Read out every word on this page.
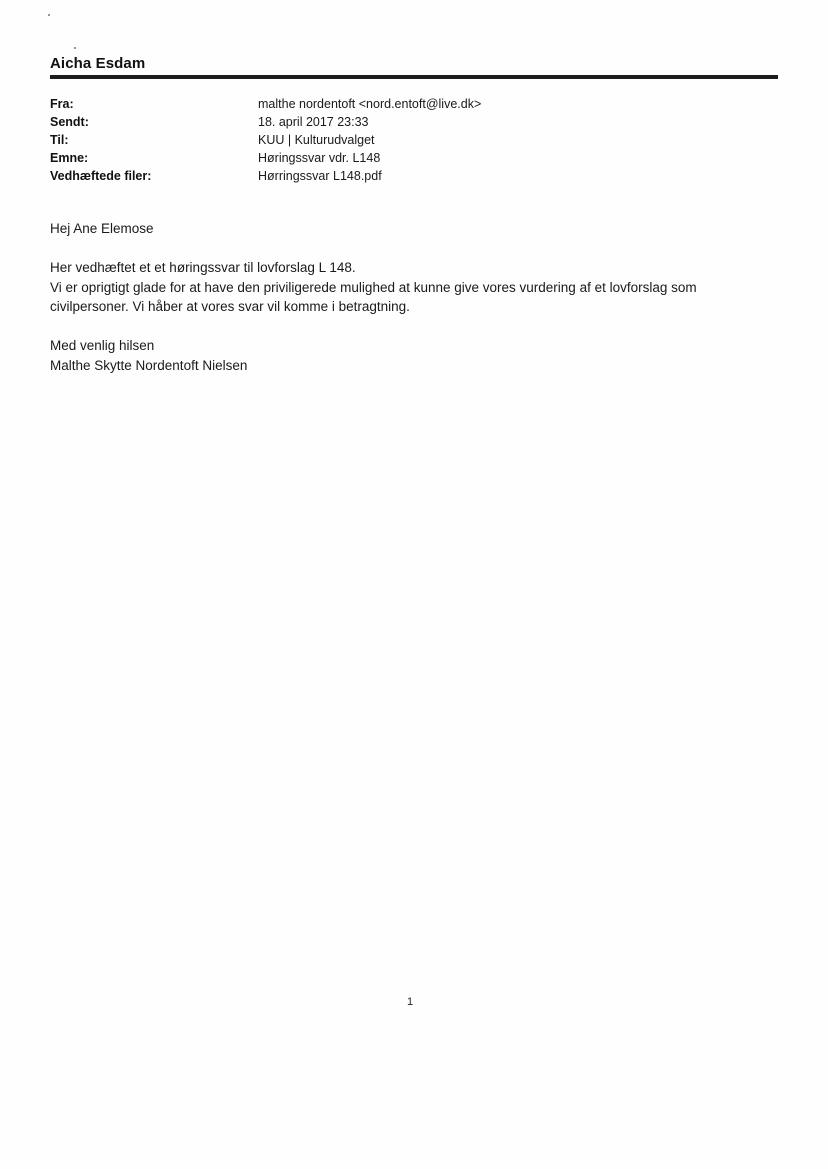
Aicha Esdam
Fra:	malthe nordentoft <nord.entoft@live.dk>
Sendt:	18. april 2017 23:33
Til:	KUU | Kulturudvalget
Emne:	Høringssvar vdr. L148
Vedhæftede filer:	Hørringssvar L148.pdf

Hej Ane Elemose

Her vedhæftet et et høringssvar til lovforslag L 148.

Vi er oprigtigt glade for at have den priviligerede mulighed at kunne give vores vurdering af et lovforslag som

civilpersoner. Vi håber at vores svar vil komme i betragtning.

Med venlig hilsen

Malthe Skytte Nordentoft Nielsen

1
